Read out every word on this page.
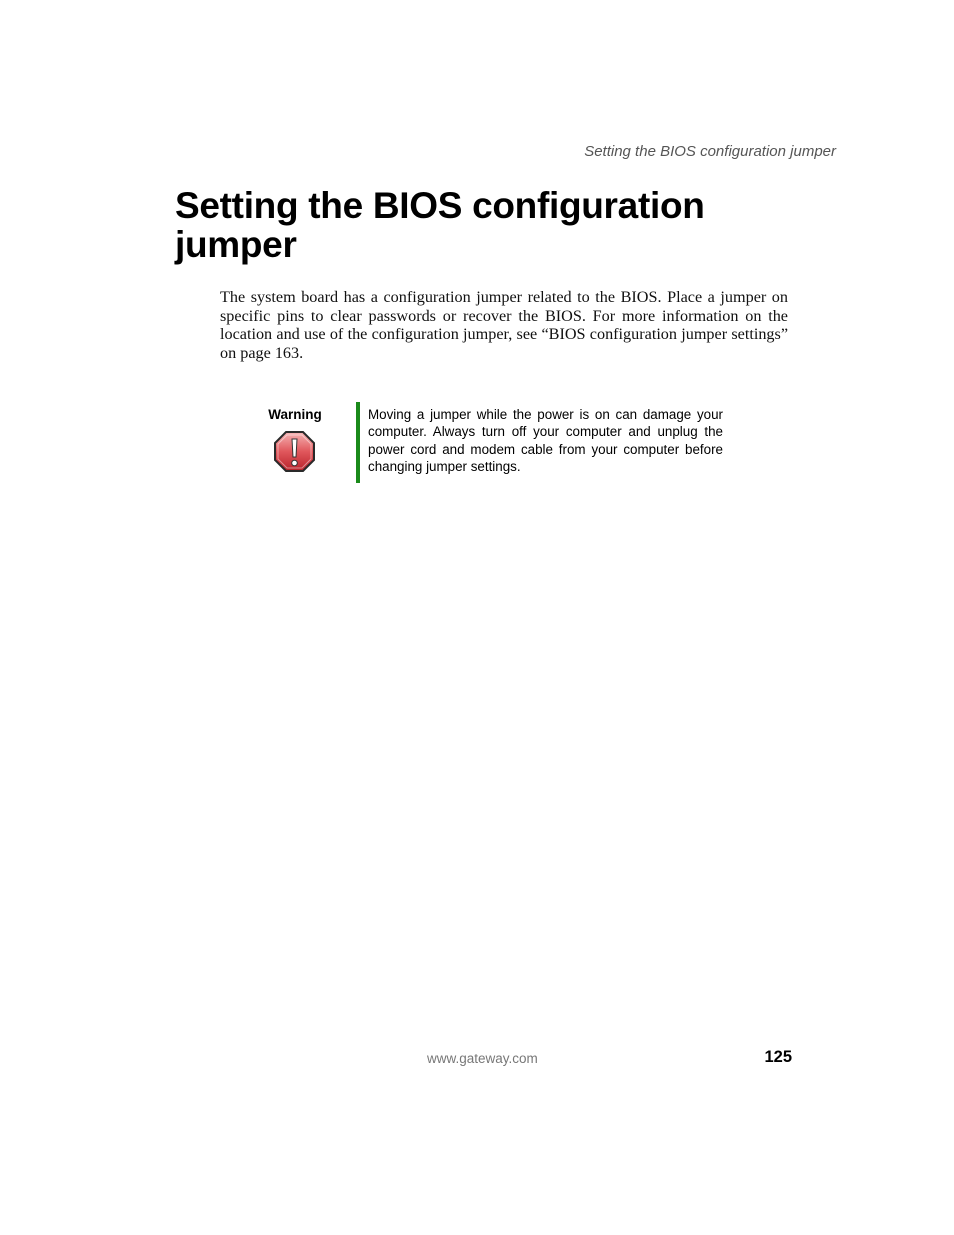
Setting the BIOS configuration jumper
Setting the BIOS configuration jumper

The system board has a configuration jumper related to the BIOS. Place a jumper on specific pins to clear passwords or recover the BIOS. For more information on the location and use of the configuration jumper, see “BIOS configuration jumper settings” on page 163.

Warning	Moving a jumper while the power is on can damage your computer. Always turn off your computer and unplug the power cord and modem cable from your computer before changing jumper settings.

www.gateway.com	125
